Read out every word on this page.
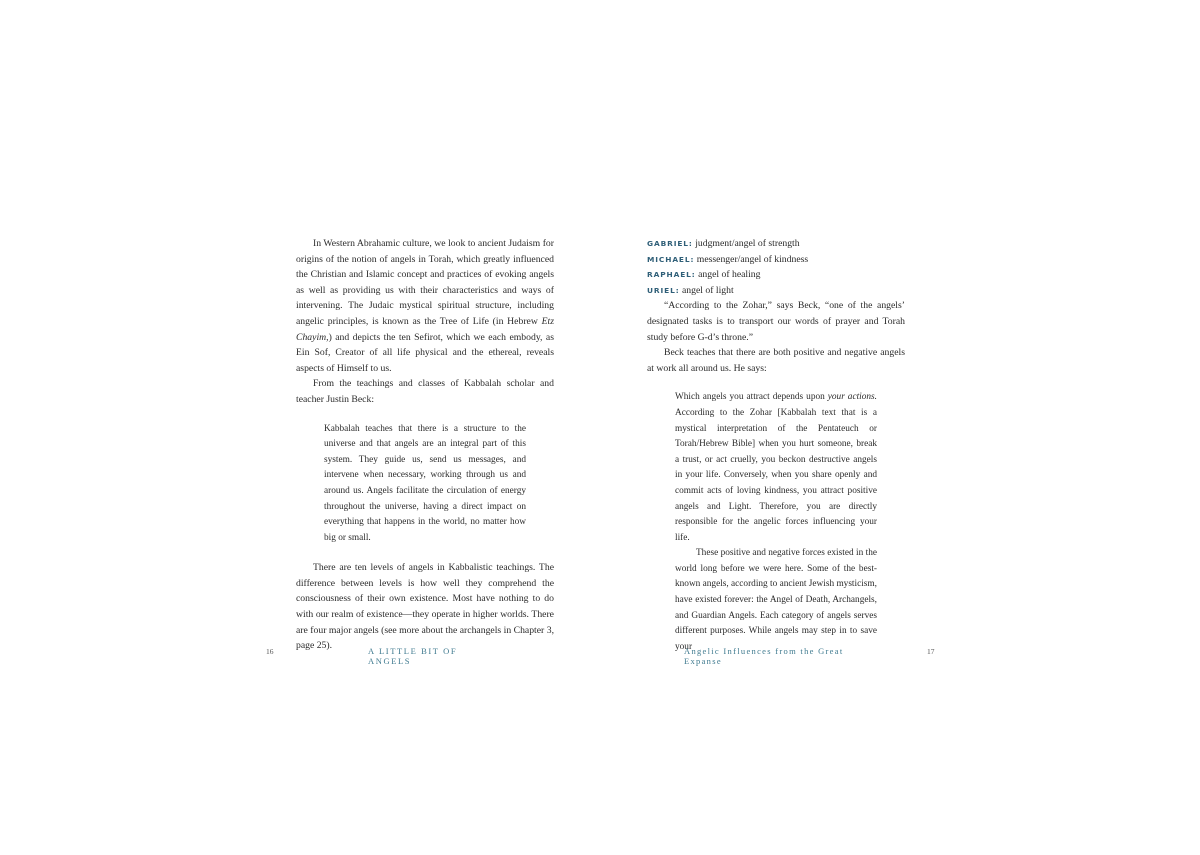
In Western Abrahamic culture, we look to ancient Judaism for origins of the notion of angels in Torah, which greatly influenced the Christian and Islamic concept and practices of evoking angels as well as providing us with their characteristics and ways of intervening. The Judaic mystical spiritual structure, including angelic principles, is known as the Tree of Life (in Hebrew Etz Chayim,) and depicts the ten Sefirot, which we each embody, as Ein Sof, Creator of all life physical and the ethereal, reveals aspects of Himself to us.

From the teachings and classes of Kabbalah scholar and teacher Justin Beck:

Kabbalah teaches that there is a structure to the universe and that angels are an integral part of this system. They guide us, send us messages, and intervene when necessary, working through us and around us. Angels facilitate the circulation of energy throughout the universe, having a direct impact on everything that happens in the world, no matter how big or small.

There are ten levels of angels in Kabbalistic teachings. The difference between levels is how well they comprehend the consciousness of their own existence. Most have nothing to do with our realm of existence—they operate in higher worlds. There are four major angels (see more about the archangels in Chapter 3, page 25).

16	A LITTLE BIT OF ANGELS

GABRIEL: judgment/angel of strength

MICHAEL: messenger/angel of kindness

RAPHAEL: angel of healing

URIEL: angel of light

“According to the Zohar,” says Beck, “one of the angels’ designated tasks is to transport our words of prayer and Torah study before G-d’s throne.”

Beck teaches that there are both positive and negative angels at work all around us. He says:

Which angels you attract depends upon your actions. According to the Zohar [Kabbalah text that is a mystical interpretation of the Pentateuch or Torah/Hebrew Bible] when you hurt someone, break a trust, or act cruelly, you beckon destructive angels in your life. Conversely, when you share openly and commit acts of loving kindness, you attract positive angels and Light. Therefore, you are directly responsible for the angelic forces influencing your life.

These positive and negative forces existed in the world long before we were here. Some of the best-known angels, according to ancient Jewish mysticism, have existed forever: the Angel of Death, Archangels, and Guardian Angels. Each category of angels serves different purposes. While angels may step in to save your

Angelic Influences from the Great Expanse
17
